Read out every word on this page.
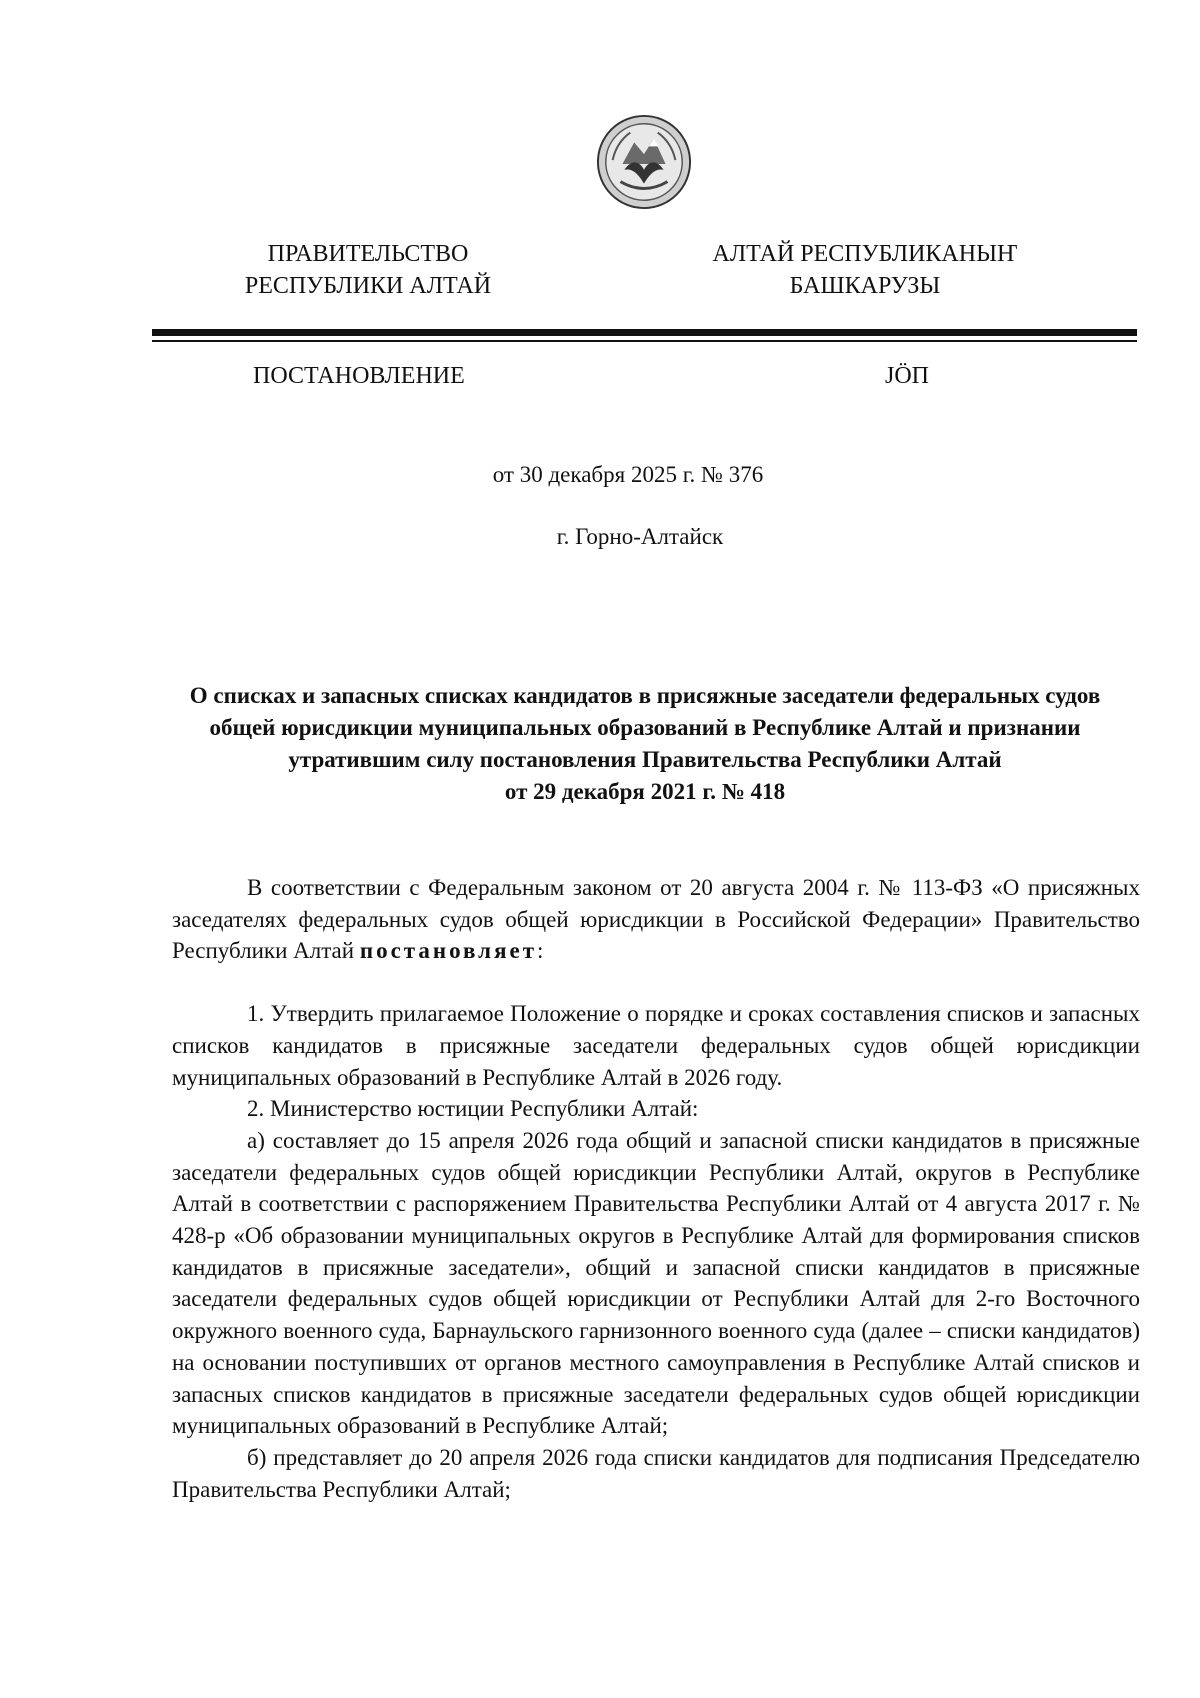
ПРАВИТЕЛЬСТВО
РЕСПУБЛИКИ АЛТАЙ
АЛТАЙ РЕСПУБЛИКАНЫҤ
БАШКАРУЗЫ
ПОСТАНОВЛЕНИЕ	JӦП
от 30 декабря 2025 г. № 376
г. Горно-Алтайск
О списках и запасных списках кандидатов в присяжные заседатели федеральных судов
общей юрисдикции муниципальных образований в Республике Алтай и признании
утратившим силу постановления Правительства Республики Алтай
от 29 декабря 2021 г. № 418

В соответствии с Федеральным законом от 20 августа 2004 г. № 113-ФЗ «О присяжных заседателях федеральных судов общей юрисдикции в Российской Федерации» Правительство Республики Алтай постановляет:

1. Утвердить прилагаемое Положение о порядке и сроках составления списков и запасных списков кандидатов в присяжные заседатели федеральных судов общей юрисдикции муниципальных образований в Республике Алтай в 2026 году.

2. Министерство юстиции Республики Алтай:

а) составляет до 15 апреля 2026 года общий и запасной списки кандидатов в присяжные заседатели федеральных судов общей юрисдикции Республики Алтай, округов в Республике Алтай в соответствии с распоряжением Правительства Республики Алтай от 4 августа 2017 г. № 428-р «Об образовании муниципальных округов в Республике Алтай для формирования списков кандидатов в присяжные заседатели», общий и запасной списки кандидатов в присяжные заседатели федеральных судов общей юрисдикции от Республики Алтай для 2-го Восточного окружного военного суда, Барнаульского гарнизонного военного суда (далее – списки кандидатов) на основании поступивших от органов местного самоуправления в Республике Алтай списков и запасных списков кандидатов в присяжные заседатели федеральных судов общей юрисдикции муниципальных образований в Республике Алтай;

б) представляет до 20 апреля 2026 года списки кандидатов для подписания Председателю Правительства Республики Алтай;
